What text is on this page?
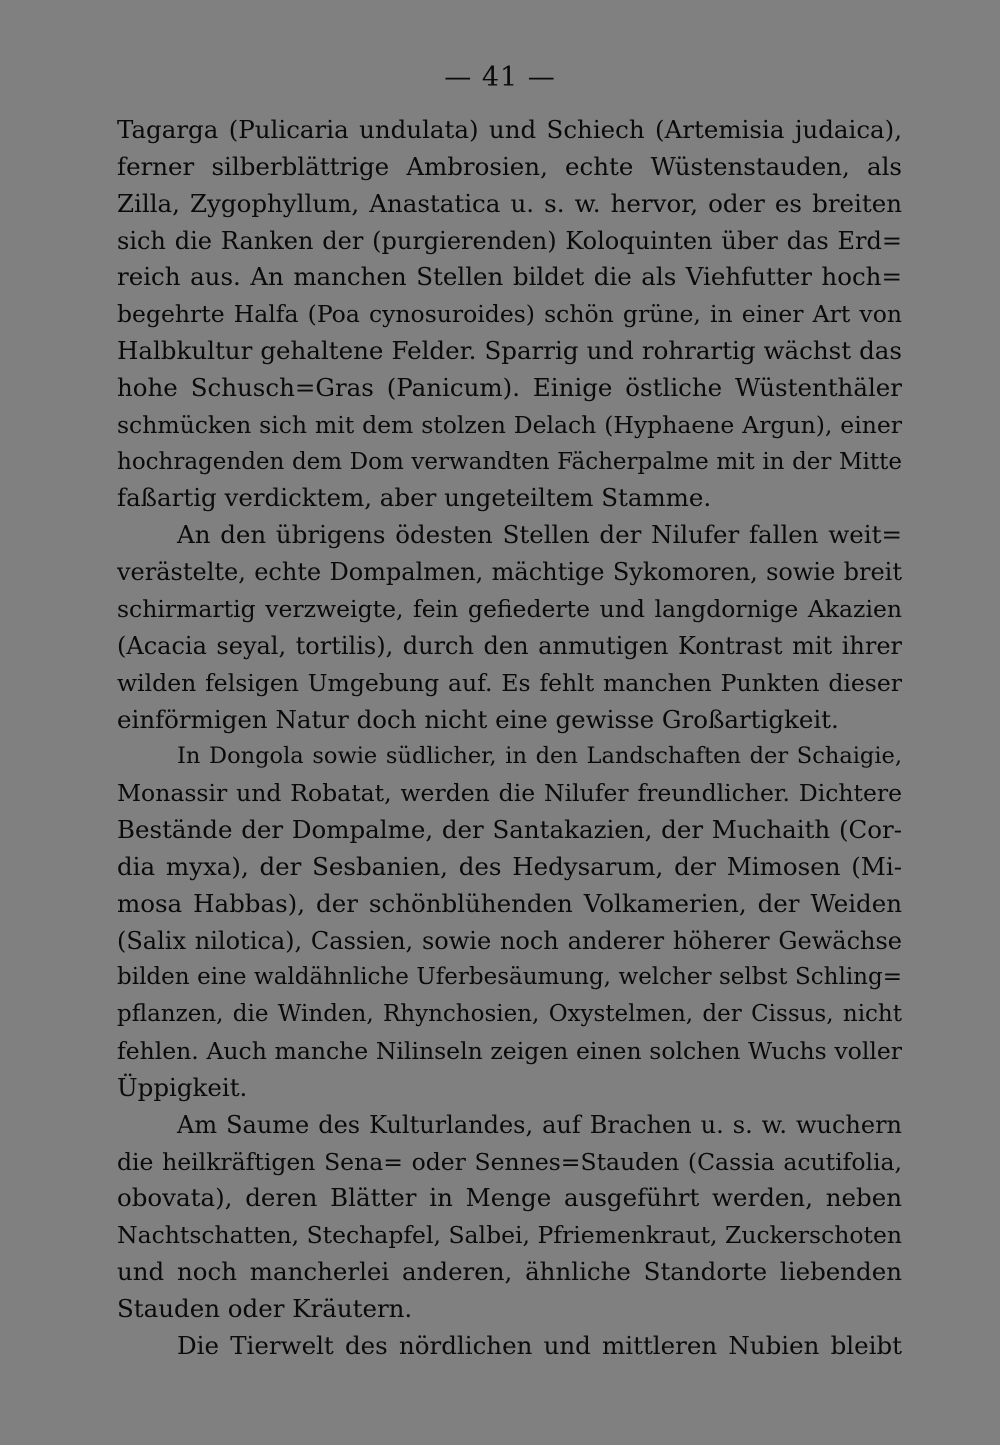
— 41 —
Tagarga (Pulicaria undulata) und Schiech (Artemisia judaica),
ferner silberblättrige Ambrosien, echte Wüstenstauden, als
Zilla, Zygophyllum, Anastatica u. s. w. hervor, oder es breiten
sich die Ranken der (purgierenden) Koloquinten über das Erd=
reich aus. An manchen Stellen bildet die als Viehfutter hoch=
begehrte Halfa (Poa cynosuroides) schön grüne, in einer Art von
Halbkultur gehaltene Felder. Sparrig und rohrartig wächst das
hohe Schusch=Gras (Panicum). Einige östliche Wüstenthäler
schmücken sich mit dem stolzen Delach (Hyphaene Argun), einer
hochragenden dem Dom verwandten Fächerpalme mit in der Mitte
faßartig verdicktem, aber ungeteiltem Stamme.
An den übrigens ödesten Stellen der Nilufer fallen weit=
verästelte, echte Dompalmen, mächtige Sykomoren, sowie breit
schirmartig verzweigte, fein gefiederte und langdornige Akazien
(Acacia seyal, tortilis), durch den anmutigen Kontrast mit ihrer
wilden felsigen Umgebung auf. Es fehlt manchen Punkten dieser
einförmigen Natur doch nicht eine gewisse Großartigkeit.
In Dongola sowie südlicher, in den Landschaften der Schaigie,
Monassir und Robatat, werden die Nilufer freundlicher. Dichtere
Bestände der Dompalme, der Santakazien, der Muchaith (Cor-
dia myxa), der Sesbanien, des Hedysarum, der Mimosen (Mi-
mosa Habbas), der schönblühenden Volkamerien, der Weiden
(Salix nilotica), Cassien, sowie noch anderer höherer Gewächse
bilden eine waldähnliche Uferbesäumung, welcher selbst Schling=
pflanzen, die Winden, Rhynchosien, Oxystelmen, der Cissus, nicht
fehlen. Auch manche Nilinseln zeigen einen solchen Wuchs voller
Üppigkeit.
Am Saume des Kulturlandes, auf Brachen u. s. w. wuchern
die heilkräftigen Sena= oder Sennes=Stauden (Cassia acutifolia,
obovata), deren Blätter in Menge ausgeführt werden, neben
Nachtschatten, Stechapfel, Salbei, Pfriemenkraut, Zuckerschoten
und noch mancherlei anderen, ähnliche Standorte liebenden
Stauden oder Kräutern.
Die Tierwelt des nördlichen und mittleren Nubien bleibt
